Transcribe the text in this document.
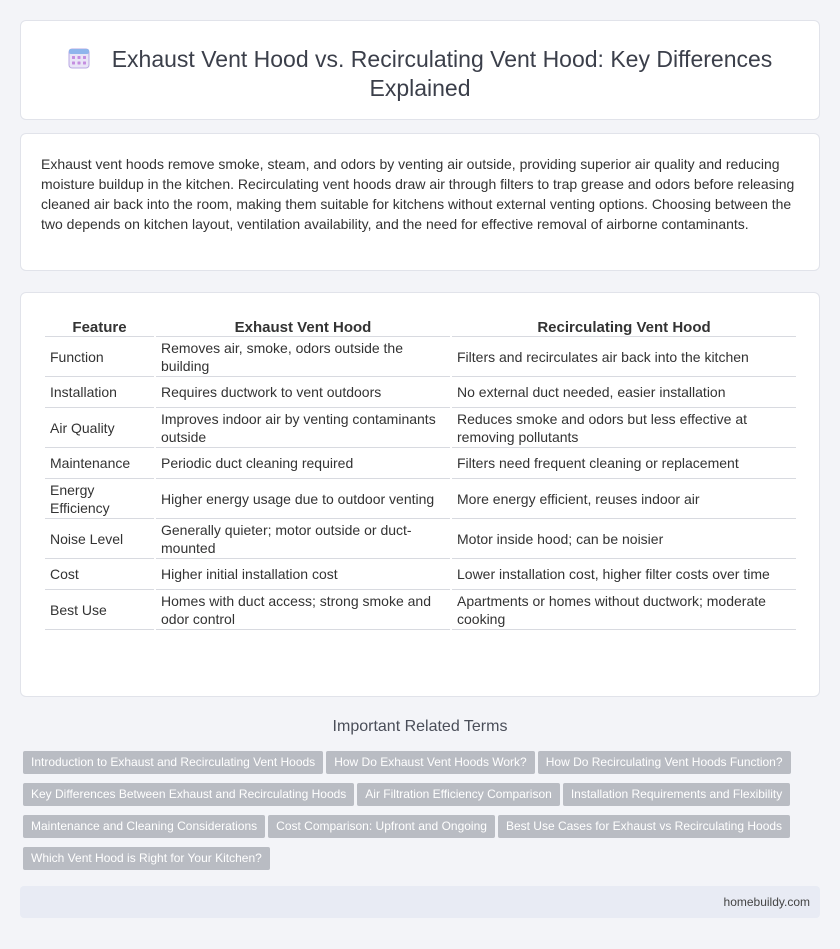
Exhaust Vent Hood vs. Recirculating Vent Hood: Key Differences Explained

Exhaust vent hoods remove smoke, steam, and odors by venting air outside, providing superior air quality and reducing moisture buildup in the kitchen. Recirculating vent hoods draw air through filters to trap grease and odors before releasing cleaned air back into the room, making them suitable for kitchens without external venting options. Choosing between the two depends on kitchen layout, ventilation availability, and the need for effective removal of airborne contaminants.

Feature	Exhaust Vent Hood	Recirculating Vent Hood
Function	Removes air, smoke, odors outside the building	Filters and recirculates air back into the kitchen
Installation	Requires ductwork to vent outdoors	No external duct needed, easier installation
Air Quality	Improves indoor air by venting contaminants outside	Reduces smoke and odors but less effective at removing pollutants
Maintenance	Periodic duct cleaning required	Filters need frequent cleaning or replacement
Energy Efficiency	Higher energy usage due to outdoor venting	More energy efficient, reuses indoor air
Noise Level	Generally quieter; motor outside or duct-mounted	Motor inside hood; can be noisier
Cost	Higher initial installation cost	Lower installation cost, higher filter costs over time
Best Use	Homes with duct access; strong smoke and odor control	Apartments or homes without ductwork; moderate cooking
Important Related Terms
Introduction to Exhaust and Recirculating Vent Hoods How Do Exhaust Vent Hoods Work? How Do Recirculating Vent Hoods Function?
Key Differences Between Exhaust and Recirculating Hoods Air Filtration Efficiency Comparison Installation Requirements and Flexibility
Maintenance and Cleaning Considerations Cost Comparison: Upfront and Ongoing Best Use Cases for Exhaust vs Recirculating Hoods
Which Vent Hood is Right for Your Kitchen?
homebuildy.com
